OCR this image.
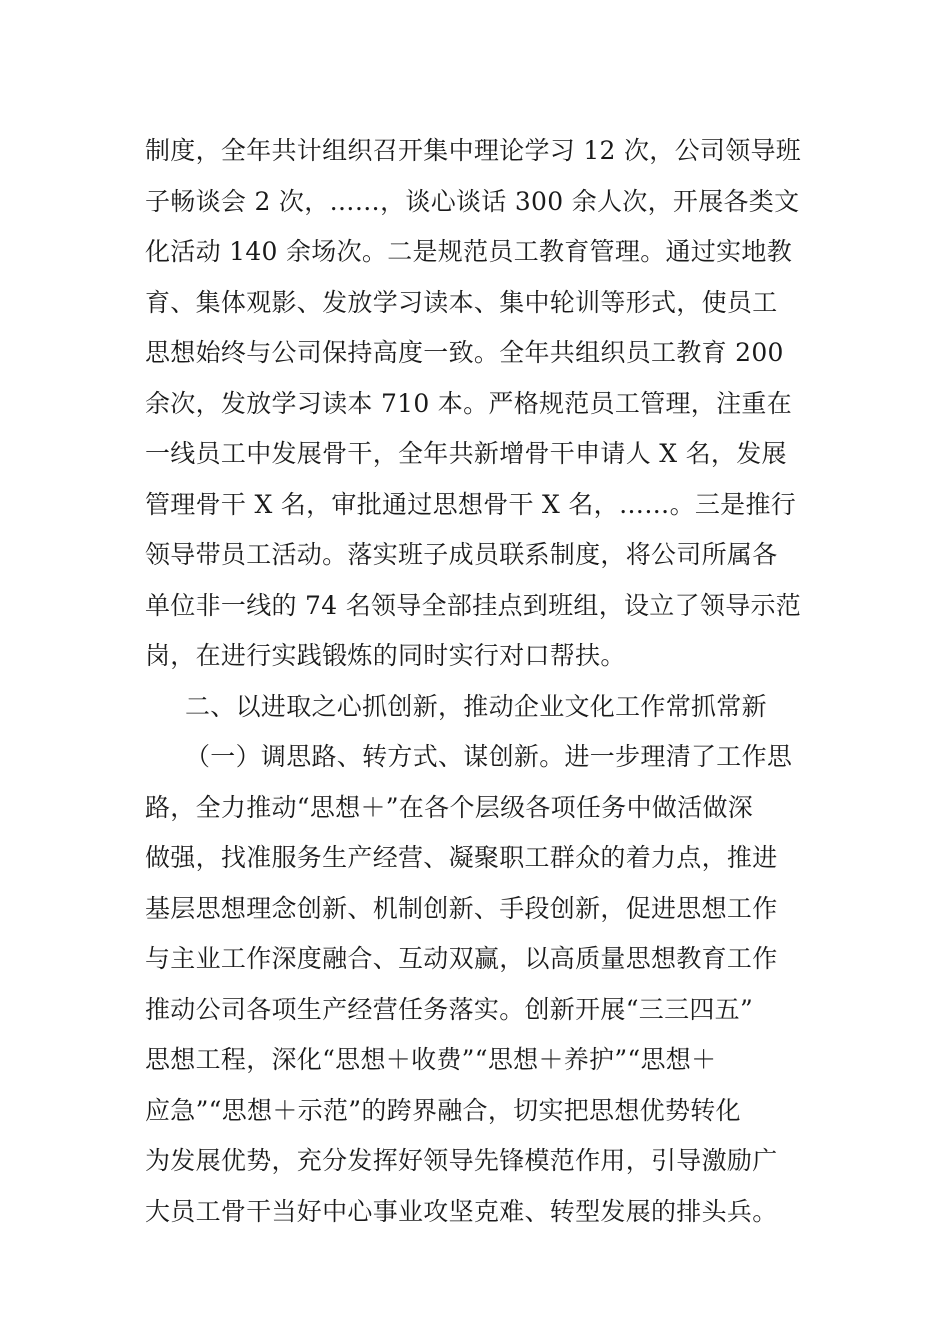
制度，全年共计组织召开集中理论学习 12 次，公司领导班
子畅谈会 2 次，……，谈心谈话 300 余人次，开展各类文
化活动 140 余场次。二是规范员工教育管理。通过实地教
育、集体观影、发放学习读本、集中轮训等形式，使员工
思想始终与公司保持高度一致。全年共组织员工教育 200
余次，发放学习读本 710 本。严格规范员工管理，注重在
一线员工中发展骨干，全年共新增骨干申请人 X 名，发展
管理骨干 X 名，审批通过思想骨干 X 名，……。三是推行
领导带员工活动。落实班子成员联系制度，将公司所属各
单位非一线的 74 名领导全部挂点到班组，设立了领导示范
岗，在进行实践锻炼的同时实行对口帮扶。
二、以进取之心抓创新，推动企业文化工作常抓常新
（一）调思路、转方式、谋创新。进一步理清了工作思
路，全力推动“思想＋”在各个层级各项任务中做活做深
做强，找准服务生产经营、凝聚职工群众的着力点，推进
基层思想理念创新、机制创新、手段创新，促进思想工作
与主业工作深度融合、互动双赢，以高质量思想教育工作
推动公司各项生产经营任务落实。创新开展“三三四五”
思想工程，深化“思想＋收费”“思想＋养护”“思想＋
应急”“思想＋示范”的跨界融合，切实把思想优势转化
为发展优势，充分发挥好领导先锋模范作用，引导激励广
大员工骨干当好中心事业攻坚克难、转型发展的排头兵。
